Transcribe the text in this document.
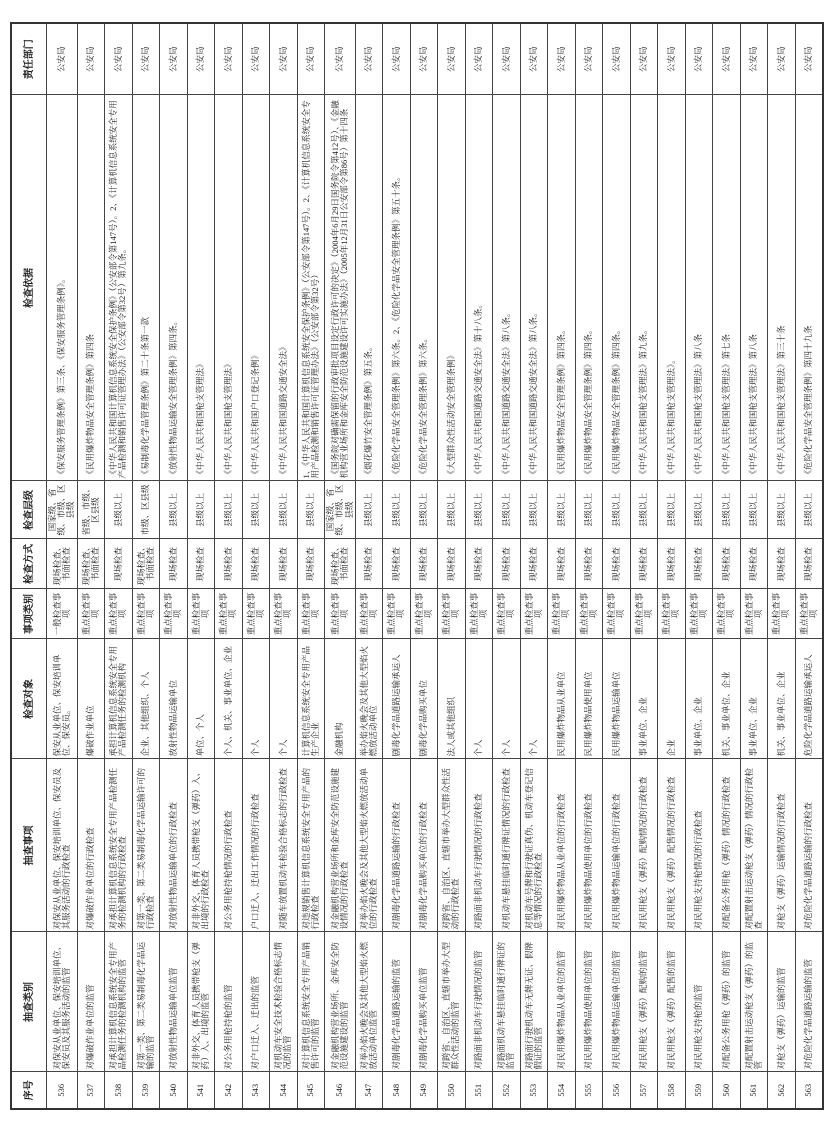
序号	抽查类别	抽查事项	检查对象	事项类别	检查方式	检查层级	检查依据	责任部门
536	对保安从业单位、保安培训单位、保安员及其服务活动的监管	对保安从业单位、保安培训单位、保安员及其服务活动的行政检查	保安从业单位、保安培训单位、保安员。	一般检查事项	现场检查、书面检查	国家级、省级、市级、区县级	《保安服务管理条例》第三条、《保安服务管理条例》。	公安局
537	对爆破作业单位的监管	对爆破作业单位的行政检查	爆破作业单位	重点检查事项	现场检查、书面检查	省级、市级、区县级	《民用爆炸物品安全管理条例》第四条	公安局
538	对承担计算机信息系统安全专用产品检测任务的检测机构的监管	对承担计算机信息系统安全专用产品检测任务的检测机构的行政检查	承担计算机信息系统安全专用产品检测任务的检测机构	重点检查事项	现场检查	县级以上	《中华人民共和国计算机信息系统安全保护条例》（公安部令第147号）。2、《计算机信息系统安全专用产品检测和销售许可证管理办法》（公安部令第32号）第九条。	公安局
539	对第一类、第二类易制毒化学品运输的监管	对第一类、第二类易制毒化学品运输许可的行政检查	企业、其他组织、个人	重点检查事项	现场检查、书面检查	市级、区县级	《易制毒化学品管理条例》第二十条第一款	公安局
540	对放射性物品运输单位监管	对放射性物品运输单位的行政检查	放射性物品运输单位	重点检查事项	现场检查	县级以上	《放射性物品运输安全管理条例》第四条。	公安局
541	对非外交、体育人员携带枪支（弹药）入、出境的监管	对非外交、体育人员携带枪支（弹药）入、出境的行政检查	单位、个人	重点检查事项	现场检查	县级以上	《中华人民共和国枪支管理法》	公安局
542	对公务用枪持枪的监管	对公务用枪持枪情况的行政检查	个人、机关、事业单位、企业	重点检查事项	现场检查	县级以上	《中华人民共和国枪支管理法》	公安局
543	对户口迁入、迁出的监管	户口迁入、迁出工作情况的行政检查	个人	重点检查事项	现场检查	县级以上	《中华人民共和国户口登记条例》	公安局
544	对机动车安全技术检验合格标志情况的监管	对随车放置机动车检验合格标志的行政检查	个人	重点检查事项	现场检查	县级以上	《中华人民共和国道路交通安全法》	公安局
545	对计算机信息系统安全专用产品销售许可的监管	对违规销售计算机信息系统安全专用产品的行政检查	计算机信息系统安全专用产品生产企业	重点检查事项	现场检查	县级以上	1、《中华人民共和国计算机信息系统安全保护条例》（公安部令第147号）。2、《计算机信息系统安全专用产品检测和销售许可证管理办法》（公安部令第32号）	公安局
546	对金融机构营业场所、金库安全防范设施建设的监管	对金融机构营业场所和金库安全防范设施建设情况的行政检查	金融机构	重点检查事项	现场检查、书面检查	国家级、省级、市级、区县级	《国务院对确需保留的行政审批项目设定行政许可的决定》（2004年6月29日国务院令第412号）、《金融机构营业场所和金库安全防范设施建设许可实施办法》（2005年12月31日公安部令第86号）第十四条	公安局
547	对举办焰火晚会及其他大型焰火燃放活动单位监管	对举办焰火晚会及其他大型焰火燃放活动单位的行政检查	举办焰火晚会及其他大型焰火燃放活动单位	重点检查事项	现场检查	县级以上	《烟花爆竹安全管理条例》第五条。	公安局
548	对剧毒化学品道路运输的监管	对剧毒化学品道路运输的行政检查	剧毒化学品道路运输承运人	重点检查事项	现场检查	县级以上	《危险化学品安全管理条例》第六条。2、《危险化学品安全管理条例》第五十条。	公安局
549	对剧毒化学品购买单位监管	对剧毒化学品购买单位的行政检查	剧毒化学品购买单位	重点检查事项	现场检查	县级以上	《危险化学品安全管理条例》第六条。	公安局
550	对跨省、自治区、直辖市举办大型群众性活动的监管	对跨省、自治区、直辖市举办大型群众性活动的行政检查	法人或其他组织	重点检查事项	现场检查	县级以上	《大型群众性活动安全管理条例》	公安局
551	对路面非机动车行驶情况的监管	对路面非机动车行驶情况的行政检查	个人	重点检查事项	现场检查	县级以上	《中华人民共和国道路交通安全法》第十八条。	公安局
552	对路面机动车悬挂临时通行牌证的监管	对机动车悬挂临时通行牌证情况的行政检查	个人	重点检查事项	现场检查	县级以上	《中华人民共和国道路交通安全法》第八条。	公安局
553	对路面行驶机动车无牌无证、假牌假证的监管	对机动车号牌和行驶证真伪、机动车登记信息等情况的行政检查	个人	重点检查事项	现场检查	县级以上	《中华人民共和国道路交通安全法》第八条。	公安局
554	对民用爆炸物品从业单位的监管	对民用爆炸物品从业单位的行政检查	民用爆炸物品从业单位	重点检查事项	现场检查	县级以上	《民用爆炸物品安全管理条例》第四条。	公安局
555	对民用爆炸物品使用单位的监管	对民用爆炸物品使用单位的行政检查	民用爆炸物品使用单位	重点检查事项	现场检查	县级以上	《民用爆炸物品安全管理条例》第四条。	公安局
556	对民用爆炸物品运输单位的监管	对民用爆炸物品运输单位的行政检查	民用爆炸物品运输单位	重点检查事项	现场检查	县级以上	《民用爆炸物品安全管理条例》第四条。	公安局
557	对民用枪支（弹药）配购的监管	对民用枪支（弹药）配购情况的行政检查	事业单位、企业	重点检查事项	现场检查	县级以上	《中华人民共和国枪支管理法》第九条。	公安局
558	对民用枪支（弹药）配售的监管	对民用枪支（弹药）配售情况的行政检查	企业	重点检查事项	现场检查	县级以上	《中华人民共和国枪支管理法》。	公安局
559	对民用枪支持枪的监管	对民用枪支持枪情况的行政检查	事业单位、企业	重点检查事项	现场检查	县级以上	《中华人民共和国枪支管理法》第八条	公安局
560	对配备公务用枪（弹药）的监管	对配备公务用枪（弹药）情况的行政检查	机关、事业单位、企业	重点检查事项	现场检查	县级以上	《中华人民共和国枪支管理法》第七条	公安局
561	对配置射击运动枪支（弹药）的监管	对配置射击运动枪支（弹药）情况的行政检查	事业单位、企业	重点检查事项	现场检查	县级以上	《中华人民共和国枪支管理法》第八条	公安局
562	对枪支（弹药）运输的监管	对枪支（弹药）运输情况的行政检查	机关、事业单位、企业	重点检查事项	现场检查	县级以上	《中华人民共和国枪支管理法》第三十条	公安局
563	对危险化学品道路运输的监管	对危险化学品道路运输的行政检查	危险化学品道路运输承运人	重点检查事项	现场检查	县级以上	《危险化学品安全管理条例》第四十九条	公安局
